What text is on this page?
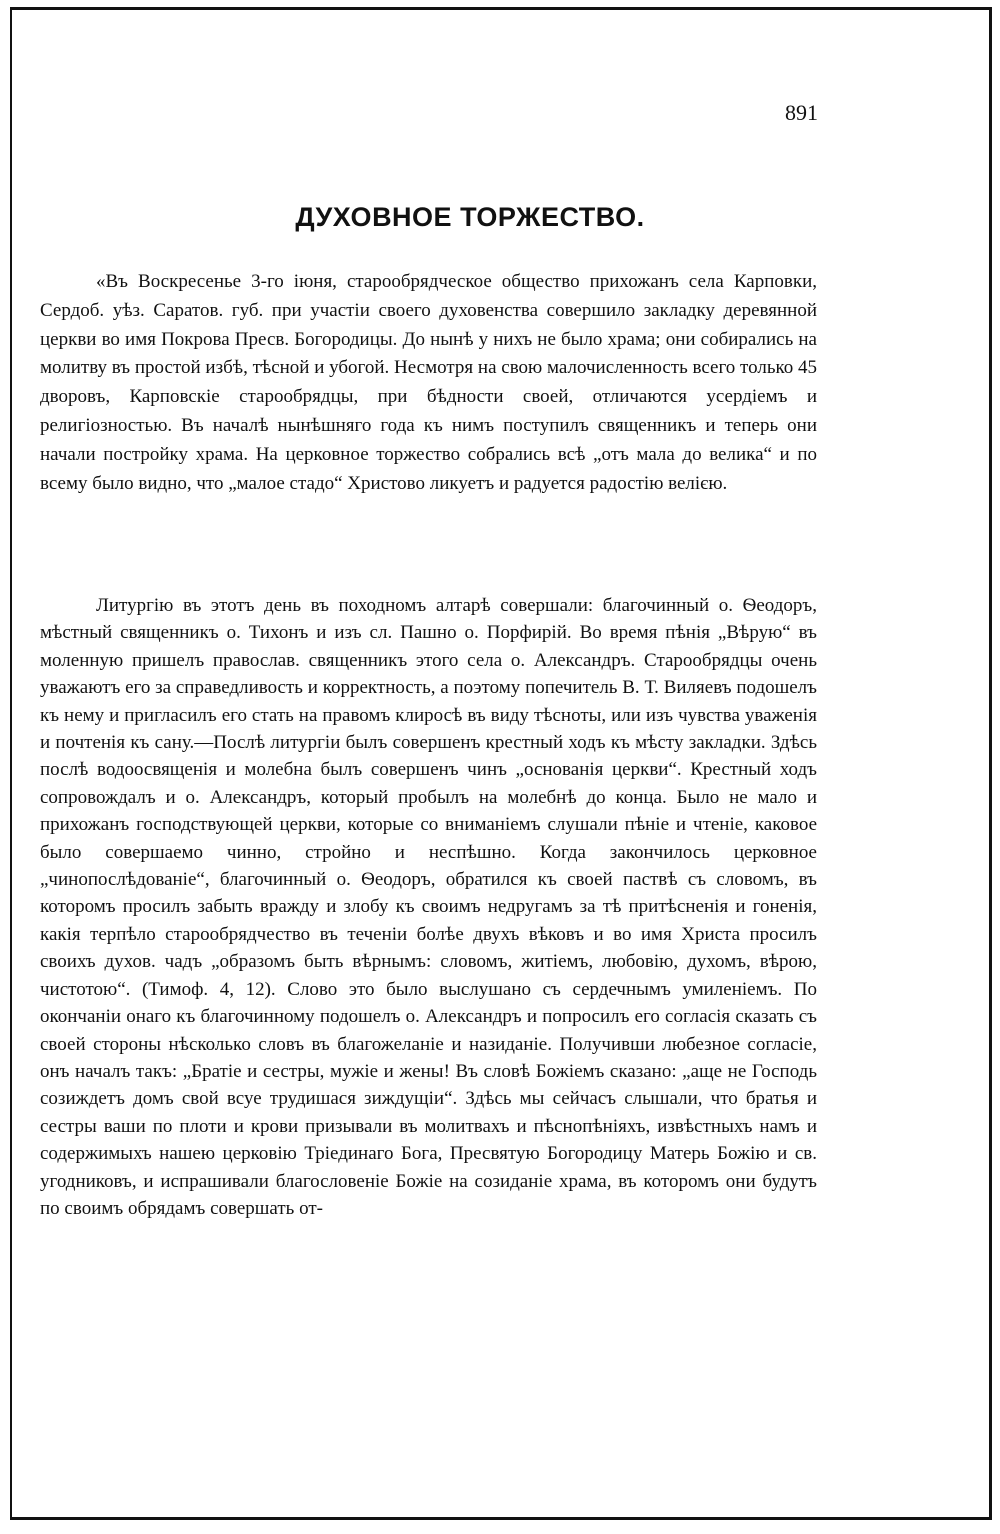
891
ДУХОВНОЕ ТОРЖЕСТВО.

«Въ Воскресенье 3-го іюня, старообрядческое общество прихожанъ села Карповки, Сердоб. уѣз. Саратов. губ. при участіи своего духовенства совершило закладку деревянной церкви во имя Покрова Пресв. Богородицы. До нынѣ у нихъ не было храма; они собирались на молитву въ простой избѣ, тѣсной и убогой. Несмотря на свою малочисленность всего только 45 дворовъ, Карповскіе старообрядцы, при бѣдности своей, отличаются усердіемъ и религіозностью. Въ началѣ нынѣшняго года къ нимъ поступилъ священникъ и теперь они начали постройку храма. На церковное торжество собрались всѣ „отъ мала до велика“ и по всему было видно, что „малое стадо“ Христово ликуетъ и радуется радостію велією.

Литургію въ этотъ день въ походномъ алтарѣ совершали: благочинный о. Ѳеодоръ, мѣстный священникъ о. Тихонъ и изъ сл. Пашно о. Порфирій. Во время пѣнія „Вѣрую“ въ моленную пришелъ православ. священникъ этого села о. Александръ. Старообрядцы очень уважаютъ его за справедливость и корректность, а поэтому попечитель В. Т. Виляевъ подошелъ къ нему и пригласилъ его стать на правомъ клиросѣ въ виду тѣсноты, или изъ чувства уваженія и почтенія къ сану.—Послѣ литургіи былъ совершенъ крестный ходъ къ мѣсту закладки. Здѣсь послѣ водоосвященія и молебна былъ совершенъ чинъ „основанія церкви“. Крестный ходъ сопровождалъ и о. Александръ, который пробылъ на молебнѣ до конца. Было не мало и прихожанъ господствующей церкви, которые со вниманіемъ слушали пѣніе и чтеніе, каковое было совершаемо чинно, стройно и неспѣшно. Когда закончилось церковное „чинопослѣдованіе“, благочинный о. Ѳеодоръ, обратился къ своей паствѣ съ словомъ, въ которомъ просилъ забыть вражду и злобу къ своимъ недругамъ за тѣ притѣсненія и гоненія, какія терпѣло старообрядчество въ теченіи болѣе двухъ вѣковъ и во имя Христа просилъ своихъ духов. чадъ „образомъ быть вѣрнымъ: словомъ, житіемъ, любовію, духомъ, вѣрою, чистотою“. (Тимоф. 4, 12). Слово это было выслушано съ сердечнымъ умиленіемъ. По окончаніи онаго къ благочинному подошелъ о. Александръ и попросилъ его согласія сказать съ своей стороны нѣсколько словъ въ благожеланіе и назиданіе. Получивши любезное согласіе, онъ началъ такъ: „Братіе и сестры, мужіе и жены! Въ словѣ Божіемъ сказано: „аще не Господь созиждетъ домъ свой всуе трудишася зиждущіи“. Здѣсь мы сейчасъ слышали, что братья и сестры ваши по плоти и крови призывали въ молитвахъ и пѣснопѣніяхъ, извѣстныхъ намъ и содержимыхъ нашею церковію Тріединаго Бога, Пресвятую Богородицу Матерь Божію и св. угодниковъ, и испрашивали благословеніе Божіе на созиданіе храма, въ которомъ они будутъ по своимъ обрядамъ совершать от-
